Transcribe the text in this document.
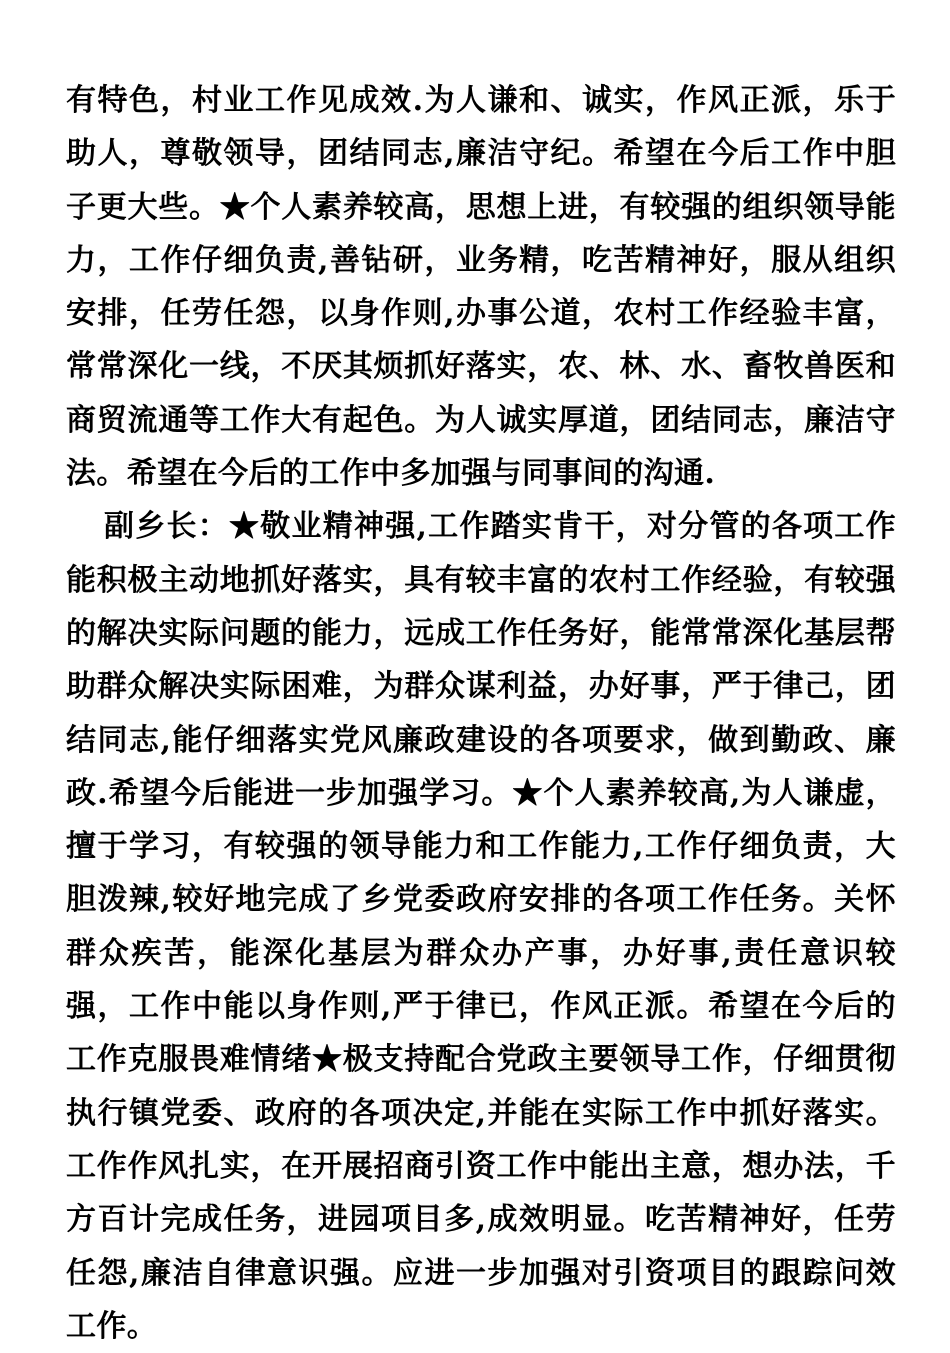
有特色，村业工作见成效.为人谦和、诚实，作风正派，乐于助人，尊敬领导，团结同志,廉洁守纪。希望在今后工作中胆子更大些。★个人素养较高，思想上进，有较强的组织领导能力，工作仔细负责,善钻研，业务精，吃苦精神好，服从组织安排，任劳任怨，以身作则,办事公道，农村工作经验丰富，常常深化一线，不厌其烦抓好落实，农、林、水、畜牧兽医和商贸流通等工作大有起色。为人诚实厚道，团结同志，廉洁守法。希望在今后的工作中多加强与同事间的沟通.

副乡长：★敬业精神强,工作踏实肯干，对分管的各项工作能积极主动地抓好落实，具有较丰富的农村工作经验，有较强的解决实际问题的能力，远成工作任务好，能常常深化基层帮助群众解决实际困难，为群众谋利益，办好事，严于律己，团结同志,能仔细落实党风廉政建设的各项要求，做到勤政、廉政.希望今后能进一步加强学习。★个人素养较高,为人谦虚，擅于学习，有较强的领导能力和工作能力,工作仔细负责，大胆泼辣,较好地完成了乡党委政府安排的各项工作任务。关怀群众疾苦，能深化基层为群众办产事，办好事,责任意识较强，工作中能以身作则,严于律已，作风正派。希望在今后的工作克服畏难情绪★极支持配合党政主要领导工作，仔细贯彻执行镇党委、政府的各项决定,并能在实际工作中抓好落实。工作作风扎实，在开展招商引资工作中能出主意，想办法，千方百计完成任务，进园项目多,成效明显。吃苦精神好，任劳任怨,廉洁自律意识强。应进一步加强对引资项目的跟踪问效工作。
